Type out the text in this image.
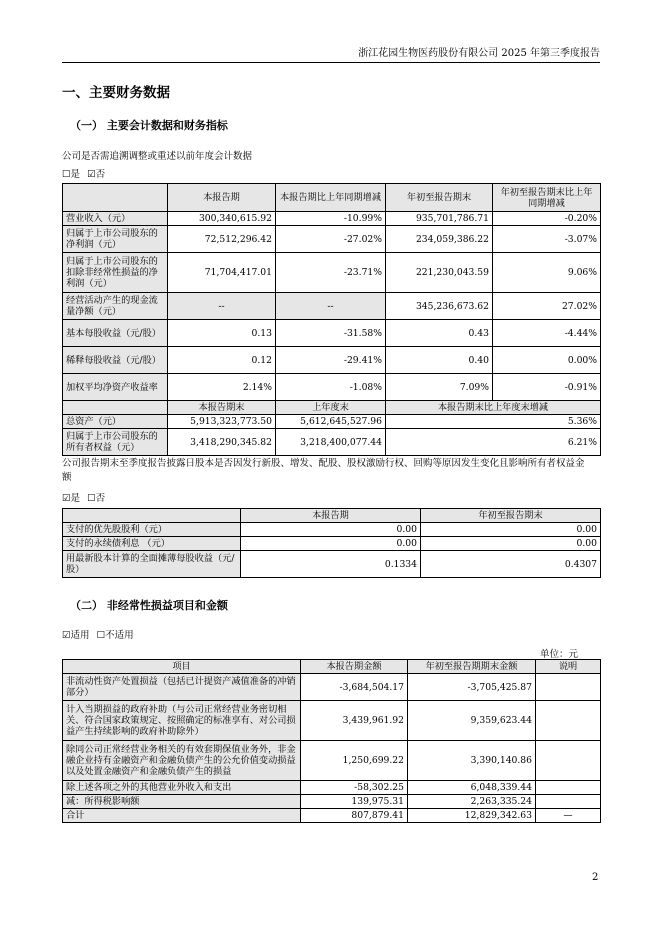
浙江花园生物医药股份有限公司 2025 年第三季度报告
一、主要财务数据
（一） 主要会计数据和财务指标
公司是否需追溯调整或重述以前年度会计数据
☐是 ☑否
	本报告期	本报告期比上年同期增减	年初至报告期末	年初至报告期末比上年同期增减
营业收入（元）	300,340,615.92	-10.99%	935,701,786.71	-0.20%
归属于上市公司股东的净利润（元）	72,512,296.42	-27.02%	234,059,386.22	-3.07%
归属于上市公司股东的扣除非经常性损益的净利润（元）	71,704,417.01	-23.71%	221,230,043.59	9.06%
经营活动产生的现金流量净额（元）	--	--	345,236,673.62	27.02%
基本每股收益（元/股）	0.13	-31.58%	0.43	-4.44%
稀释每股收益（元/股）	0.12	-29.41%	0.40	0.00%
加权平均净资产收益率	2.14%	-1.08%	7.09%	-0.91%
	本报告期末	上年度末	本报告期末比上年度末增减	
总资产（元）	5,913,323,773.50	5,612,645,527.96	5.36%	
归属于上市公司股东的所有者权益（元）	3,418,290,345.82	3,218,400,077.44	6.21%	
公司报告期末至季度报告披露日股本是否因发行新股、增发、配股、股权激励行权、回购等原因发生变化且影响所有者权益金额
☑是 ☐否
	本报告期	年初至报告期末
支付的优先股股利（元）	0.00	0.00
支付的永续债利息 （元）	0.00	0.00
用最新股本计算的全面摊薄每股收益（元/股）	0.1334	0.4307
（二） 非经常性损益项目和金额
☑适用 ☐不适用
单位：元
项目	本报告期金额	年初至报告期期末金额	说明
非流动性资产处置损益（包括已计提资产减值准备的冲销部分）	-3,684,504.17	-3,705,425.87	
计入当期损益的政府补助（与公司正常经营业务密切相关、符合国家政策规定、按照确定的标准享有、对公司损益产生持续影响的政府补助除外）	3,439,961.92	9,359,623.44	
除同公司正常经营业务相关的有效套期保值业务外，非金融企业持有金融资产和金融负债产生的公允价值变动损益以及处置金融资产和金融负债产生的损益	1,250,699.22	3,390,140.86	
除上述各项之外的其他营业外收入和支出	-58,302.25	6,048,339.44	
减：所得税影响额	139,975.31	2,263,335.24	
合计	807,879.41	12,829,342.63	—
2
